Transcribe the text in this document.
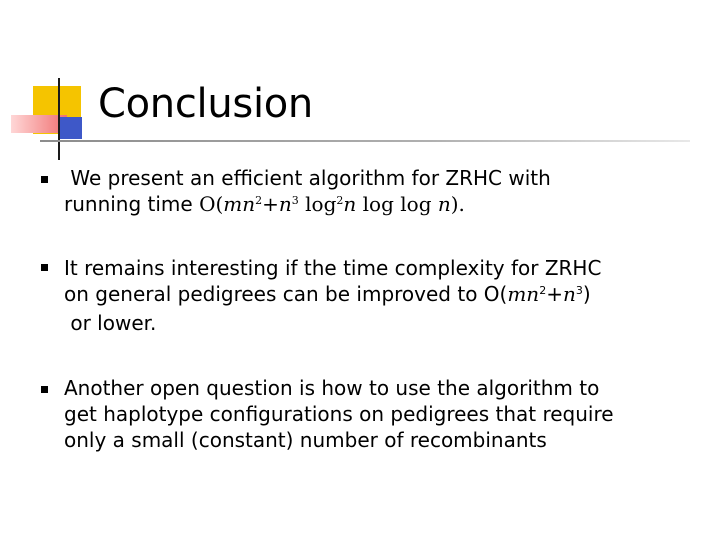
Conclusion
We present an efficient algorithm for ZRHC with
running time $O(mn^2+n^3$ $\log^2n$ log log n).
It remains interesting if the time complexity for ZRHC
on general pedigrees can be improved to $O(mn^2+n^3)$
or lower.
Another open question is how to use the algorithm to
get haplotype configurations on pedigrees that require
only a small (constant) number of recombinants
